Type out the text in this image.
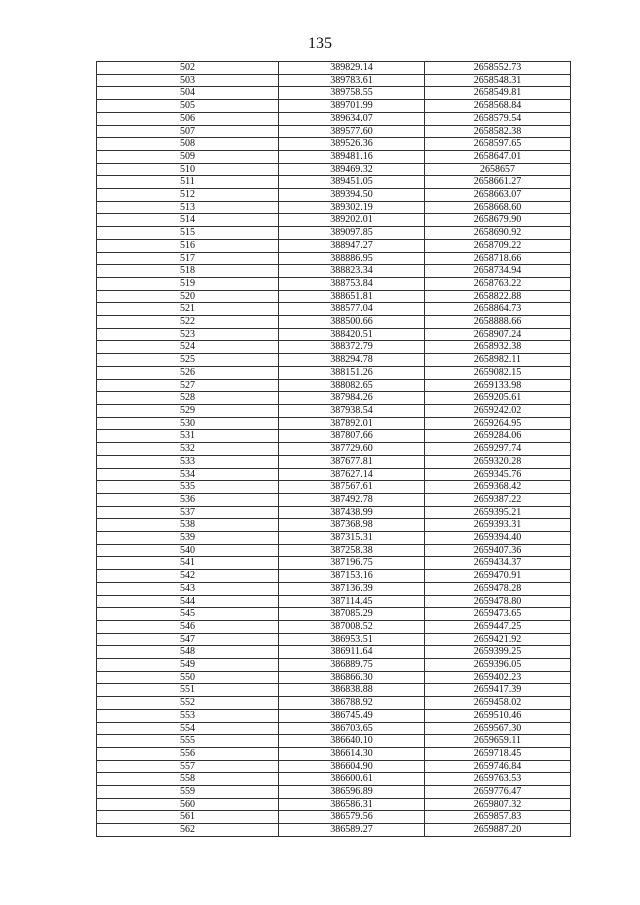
135
502	389829.14	2658552.73
503	389783.61	2658548.31
504	389758.55	2658549.81
505	389701.99	2658568.84
506	389634.07	2658579.54
507	389577.60	2658582.38
508	389526.36	2658597.65
509	389481.16	2658647.01
510	389469.32	2658657
511	389451.05	2658661.27
512	389394.50	2658663.07
513	389302.19	2658668.60
514	389202.01	2658679.90
515	389097.85	2658690.92
516	388947.27	2658709.22
517	388886.95	2658718.66
518	388823.34	2658734.94
519	388753.84	2658763.22
520	388651.81	2658822.88
521	388577.04	2658864.73
522	388500.66	2658888.66
523	388420.51	2658907.24
524	388372.79	2658932.38
525	388294.78	2658982.11
526	388151.26	2659082.15
527	388082.65	2659133.98
528	387984.26	2659205.61
529	387938.54	2659242.02
530	387892.01	2659264.95
531	387807.66	2659284.06
532	387729.60	2659297.74
533	387677.81	2659320.28
534	387627.14	2659345.76
535	387567.61	2659368.42
536	387492.78	2659387.22
537	387438.99	2659395.21
538	387368.98	2659393.31
539	387315.31	2659394.40
540	387258.38	2659407.36
541	387196.75	2659434.37
542	387153.16	2659470.91
543	387136.39	2659478.28
544	387114.45	2659478.80
545	387085.29	2659473.65
546	387008.52	2659447.25
547	386953.51	2659421.92
548	386911.64	2659399.25
549	386889.75	2659396.05
550	386866.30	2659402.23
551	386838.88	2659417.39
552	386788.92	2659458.02
553	386745.49	2659510.46
554	386703.65	2659567.30
555	386640.10	2659659.11
556	386614.30	2659718.45
557	386604.90	2659746.84
558	386600.61	2659763.53
559	386596.89	2659776.47
560	386586.31	2659807.32
561	386579.56	2659857.83
562	386589.27	2659887.20
